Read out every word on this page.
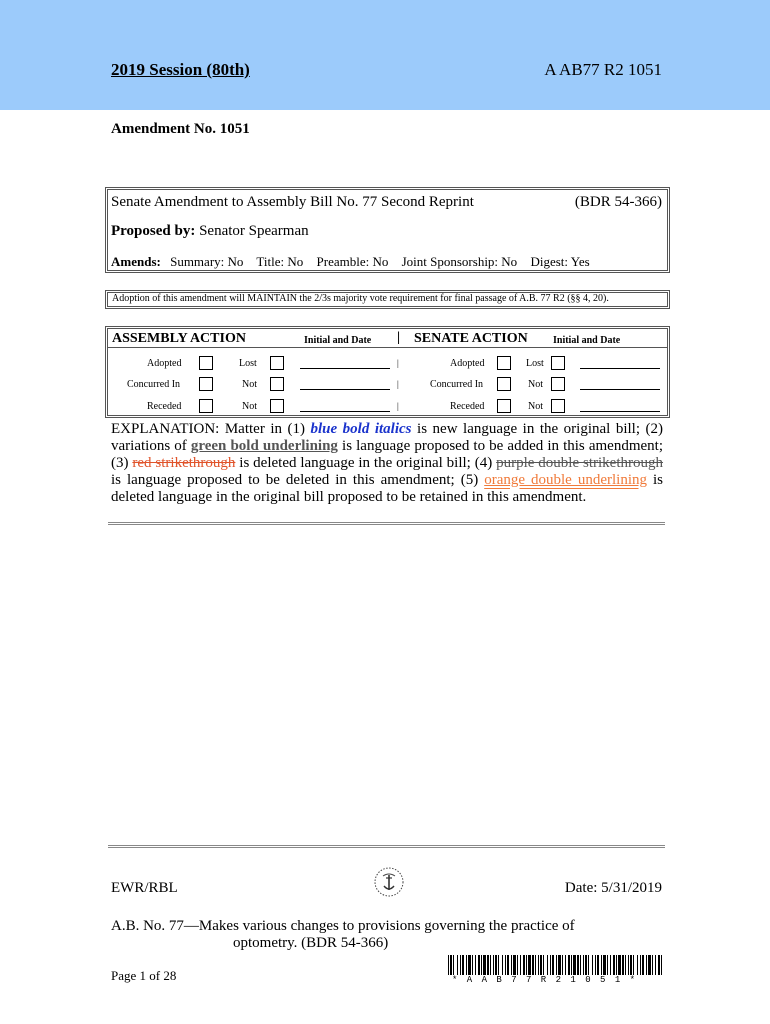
2019 Session (80th)	A AB77 R2 1051
Amendment No. 1051
Senate Amendment to Assembly Bill No. 77 Second Reprint	(BDR 54-366)
Proposed by: Senator Spearman
Amends: Summary: No Title: No Preamble: No Joint Sponsorship: No Digest: Yes
Adoption of this amendment will MAINTAIN the 2/3s majority vote requirement for final passage of A.B. 77 R2 (§§ 4, 20).
ASSEMBLY ACTION	Initial and Date | SENATE ACTION	Initial and Date
Adopted	Lost	|	Adopted	Lost
Concurred In	Not	|	Concurred In	Not
Receded	Not	|	Receded	Not
EXPLANATION: Matter in (1) blue bold italics is new language in the original bill; (2) variations of green bold underlining is language proposed to be added in this amendment; (3) red strikethrough is deleted language in the original bill; (4) purple double strikethrough is language proposed to be deleted in this amendment; (5) orange double underlining is deleted language in the original bill proposed to be retained in this amendment.
EWR/RBL	Date: 5/31/2019
A.B. No. 77—Makes various changes to provisions governing the practice of
optometry. (BDR 54-366)
Page 1 of 28	* A A B 7 7 R 2 1 0 5 1 *
